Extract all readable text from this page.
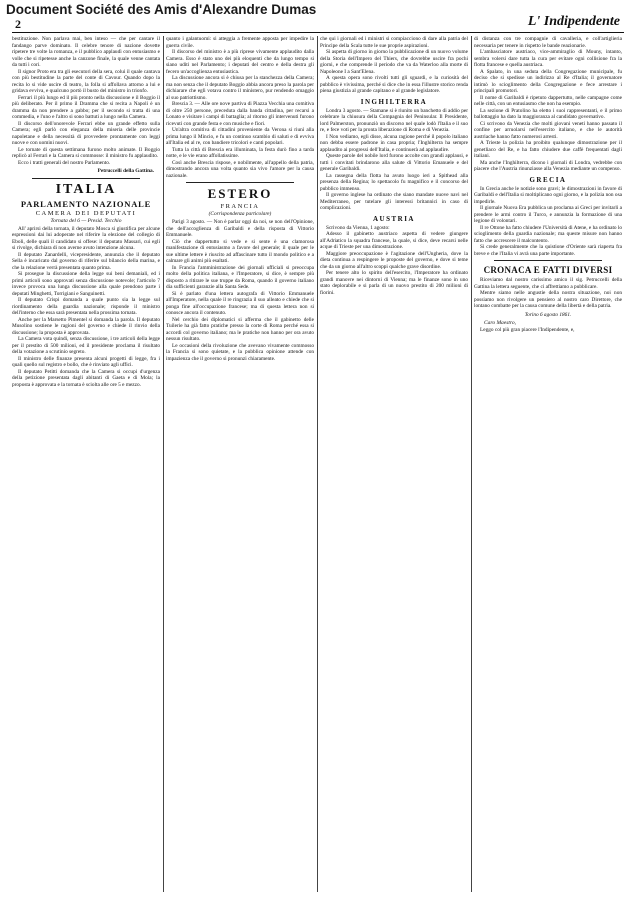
Document Société des Amis d'Alexandre Dumas
2	L' Indipendente

bestituzione. Non parlava mai, ben inteso — che per cantare il fandango parve dominato. Il celebre tenore di nazione dovette ripetere tre volte la romanza, e il pubblico applaudì con entusiasmo e volle che si ripetesse anche la canzone finale, la quale venne cantata da tutti i cori.

Il signor Proto era tra gli esecutori della sera, colui il quale cantava con più bestitudine la parte del conte di Cavour. Quando dopo la recita lo si vide uscire di teatro, la folla si affollava attorno a lui e gridava evviva, e qualcuno portò il busto del ministro in trionfo.

Ferrari il più lungo ed il più pronto nella discussione e il Boggio il più deliberato. Per il primo il Dramma che si recita a Napoli è un dramma da non prendere a gabbo; per il secondo si tratta di una commedia, e l'uno e l'altro si sono battuti a lungo nella Camera.

Il discorso dell'onorevole Ferrari ebbe un grande effetto sulla Camera; egli parlò con eleganza della miseria delle provincie napoletane e della necessità di provvedere prontamente con leggi nuove e con uomini nuovi.

Le tornate di questa settimana furono molto animate. Il Boggio replicò al Ferrari e la Camera si commosse: il ministro fu applaudito.

Ecco i tratti generali del nostro Parlamento.

Petruccelli della Gattina.
ITALIA
PARLAMENTO NAZIONALE
CAMERA DEI DEPUTATI
Tornata del 6 — Presid. Tecchio

All' aprirsi della tornata, il deputato Mosca si giustifica per alcune espressioni dai lui adoperate nel riferire la elezione del collegio di Eboli, delle quali il candidato si offese: il deputato Massari, cui egli si rivolge, dichiara di non averne avuto intenzione alcuna.

Il deputato Zanardelli, vicepresidente, annunzia che il deputato Sella è incaricato dal governo di riferire sul bilancio della marina, e che la relazione verrà presentata quanto prima.

Si prosegue la discussione della legge sui beni demaniali, ed i primi articoli sono approvati senza discussione notevole; l'articolo 7 invece provoca una lunga discussione alla quale prendono parte i deputati Minghetti, Torrigiani e Sanguinetti.

Il deputato Crispi domanda a quale punto sia la legge sul riordinamento della guardia nazionale; risponde il ministro dell'interno che essa sarà presentata nella prossima tornata.

Anche per la Marsetto Pimentel si domanda la parola. Il deputato Musolino sostiene le ragioni del governo e chiede il rinvio della discussione; la proposta è approvata.

La Camera vota quindi, senza discussione, i tre articoli della legge per il prestito di 500 milioni, ed il presidente proclama il risultato della votazione a scrutinio segreto.

Il ministro delle finanze presenta alcuni progetti di legge, fra i quali quello sul registro e bollo, che è rinviato agli uffici.

Il deputato Petitti domanda che la Camera si occupi d'urgenza della petizione presentata dagli abitanti di Gaeta e di Mola; la proposta è approvata e la tornata è sciolta alle ore 5 e mezzo.

quanto i galantuomi: si atteggia a fremente apposta per impedire la guerra civile.

Il discorso del ministro è a più riprese vivamente applaudito dalla Camera. Esso è stato uno dei più eloquenti che da lungo tempo si siano uditi nel Parlamento; i deputati del centro e della destra gli fecero un'accoglienza entusiastica.

La discussione ancora si è chiusa per la stanchezza della Camera; ma non senza che il deputato Boggio abbia ancora preso la parola per dichiarare che egli votava contro il ministero, pur rendendo omaggio al suo patriottismo.

Brescia 3. — Alle ore nove partiva di Piazza Vecchia una comitiva di oltre 250 persone, preceduta dalla banda cittadina, per recarsi a Lonato e visitare i campi di battaglia; al ritorno gli intervenuti furono ricevuti con grande festa e con musiche e fiori.

Un'altra comitiva di cittadini proveniente da Verona si riunì alla prima lungo il Mincio, e fu un continuo scambio di saluti e di evviva all'Italia ed al re, con bandiere tricolori e canti popolari.

Tutta la città di Brescia era illuminata, la festa durò fino a tarda notte, e le vie erano affollatissime.

Così anche Brescia rispose, e nobilmente, all'appello della patria, dimostrando ancora una volta quanto sia vivo l'amore per la causa nazionale.

ESTERO
FRANCIA
(Corrispondenza particolare)

Parigi 3 agosto. — Non è parlar oggi da noi, se non dell'Opinione, che dell'accoglienza di Garibaldi e della risposta di Vittorio Emmanuele.

Ciò che dappertutto si vede e si sente è una clamorosa manifestazione di entusiasmo a favore del generale; il quale per le sue ultime lettere è riuscito ad affascinare tutto il mondo politico e a calmare gli animi più esaltati.

In Francia l'amministrazione dei giornali ufficiali si preoccupa molto della politica italiana, e l'Imperatore, si dice, è sempre più disposto a ritirare le sue truppe da Roma, quando il governo italiano dia sufficienti garanzie alla Santa Sede.

Si è parlato d'una lettera autografa di Vittorio Emmanuele all'Imperatore, nella quale il re ringrazia il suo alleato e chiede che si ponga fine all'occupazione francese; ma di questa lettera non si conosce ancora il contenuto.

Nel cerchio dei diplomatici si afferma che il gabinetto delle Tuilerie ha già fatto pratiche presso la corte di Roma perché essa si accordi col governo italiano; ma le pratiche non hanno per ora avuto nessun risultato.

Le occasioni della rivoluzione che avevano vivamente commosso la Francia si sono quietate, e la pubblica opinione attende con impazienza che il governo si pronunzi chiaramente.

che qui i giornali ed i ministri si compiacciono di dare alla patria del Principe della Scala tutte le sue proprie aspirazioni.

Si aspetta di giorno in giorno la pubblicazione di un nuovo volume della Storia dell'Impero del Thiers, che dovrebbe uscire fra pochi giorni, e che comprende il periodo che va da Waterloo alla morte di Napoleone I a Sant'Elena.

A questa opera sono rivolti tutti gli sguardi, e la curiosità del pubblico è vivissima, perché si dice che in essa l'illustre storico renda piena giustizia al grande capitano e al grande legislatore.

INGHILTERRA

Londra 3 agosto. — Stamane si è riunito un banchetto di addio per celebrare la chiusura della Compagnia del Peninsular. Il Presidente, lord Palmerston, pronunziò un discorso nel quale lodò l'Italia e il suo re, e fece voti per la pronta liberazione di Roma e di Venezia.

I Non vediamo, egli disse, alcuna ragione perché il popolo italiano non debba essere padrone in casa propria; l'Inghilterra ha sempre applaudito ai progressi dell'Italia, e continuerà ad applaudire.

Queste parole del nobile lord furono accolte con grandi applausi, e tutti i convitati brindarono alla salute di Vittorio Emanuele e del generale Garibaldi.

La rassegna della flotta ha avuto luogo ieri a Spithead alla presenza della Regina; lo spettacolo fu magnifico e il concorso del pubblico immenso.

Il governo inglese ha ordinato che siano mandate nuove navi nel Mediterraneo, per tutelare gli interessi britannici in caso di complicazioni.

AUSTRIA

Scrivono da Vienna, 1 agosto:

Adesso il gabinetto austriaco aspetta di vedere giungere all'Adriatico la squadra francese, la quale, si dice, deve recarsi nelle acque di Trieste per una dimostrazione.

Maggiore preoccupazione è l'agitazione dell'Ungheria, dove la dieta continua a respingere le proposte del governo, e dove si teme che da un giorno all'altro scoppi qualche grave disordine.

Per tenere alto lo spirito dell'esercito, l'Imperatore ha ordinato grandi manovre nei dintorni di Vienna; ma le finanze sono in uno stato deplorabile e si parla di un nuovo prestito di 200 milioni di fiorini.

di distanza con tre compagnie di cavalleria, e coll'artiglieria necessaria per tenere in rispetto le bande reazionarie.

L'ambasciatore austriaco, vice-ammiraglio di Mouny, intanto, sembra volersi dare tutta la cura per evitare ogni collisione fra la flotta francese e quella austriaca.

A Spalato, in una seduta della Congregazione municipale, fu deciso che si spedisse un indirizzo al Re d'Italia; il governatore intimò lo scioglimento della Congregazione e fece arrestare i principali promotori.

Il nome di Garibaldi è ripetuto dappertutto, nelle campagne come nelle città, con un entusiasmo che non ha esempio.

La sezione di Pratolino ha eletto i suoi rappresentanti, e il primo ballottaggio ha dato la maggioranza al candidato governativo.

Ci scrivono da Venezia che molti giovani veneti hanno passato il confine per arruolarsi nell'esercito italiano, e che le autorità austriache hanno fatto numerosi arresti.

A Trieste la polizia ha proibito qualunque dimostrazione per il genetliaco del Re, e ha fatto chiudere due caffè frequentati dagli italiani.

Ma anche l'Inghilterra, dicono i giornali di Londra, vedrebbe con piacere che l'Austria rinunziasse alla Venezia mediante un compenso.

GRECIA

In Grecia anche le notizie sono gravi; le dimostrazioni in favore di Garibaldi e dell'Italia si moltiplicano ogni giorno, e la polizia non osa impedirle.

Il giornale Nuova Era pubblica un proclama ai Greci per invitarli a prendere le armi contro il Turco, e annunzia la formazione di una legione di volontari.

Il re Ottone ha fatto chiudere l'Università di Atene, e ha ordinato lo scioglimento della guardia nazionale; ma queste misure non hanno fatto che accrescere il malcontento.

Si crede generalmente che la quistione d'Oriente sarà riaperta fra breve e che l'Italia vi avrà una parte importante.

CRONACA E FATTI DIVERSI

Riceviamo dal nostro carissimo amico il sig. Petruccelli della Gattina la lettera seguente, che ci affrettiamo a pubblicare.

Mentre siamo nelle angustie della nostra situazione, noi non possiamo non rivolgere un pensiero al nostro caro Direttore, che lontano combatte per la causa comune della libertà e della patria.

Torino 6 agosto 1861.
Caro Maestro,

Leggo col più gran piacere l'Indipendente, e,
